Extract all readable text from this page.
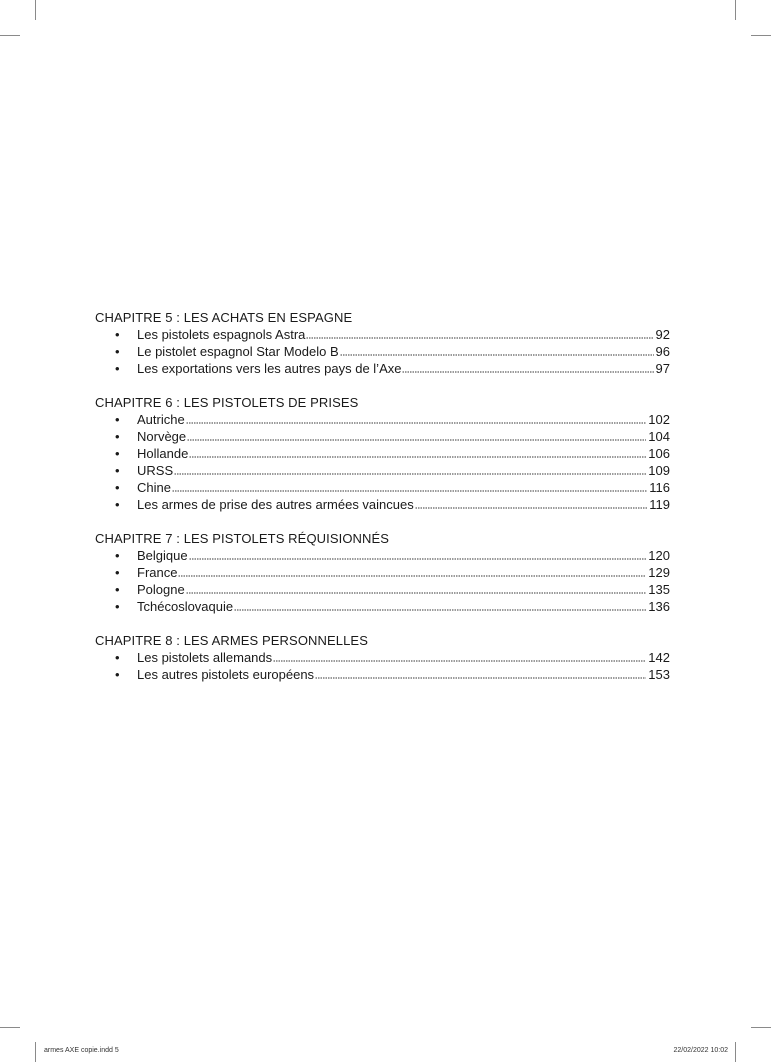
CHAPITRE 5 : LES ACHATS EN ESPAGNE
•	Les pistolets espagnols Astra	92
•	Le pistolet espagnol Star Modelo B	96
•	Les exportations vers les autres pays de l’Axe	97
CHAPITRE 6 : LES PISTOLETS DE PRISES
•	Autriche	102
•	Norvège	104
•	Hollande	106
•	URSS	109
•	Chine	116
•	Les armes de prise des autres armées vaincues	119
CHAPITRE 7 : LES PISTOLETS RÉQUISIONNÉS
•	Belgique	120
•	France	129
•	Pologne	135
•	Tchécoslovaquie	136
CHAPITRE 8 : LES ARMES PERSONNELLES
•	Les pistolets allemands	142
•	Les autres pistolets européens	153
armes AXE copie.indd 5	22/02/2022 10:02
